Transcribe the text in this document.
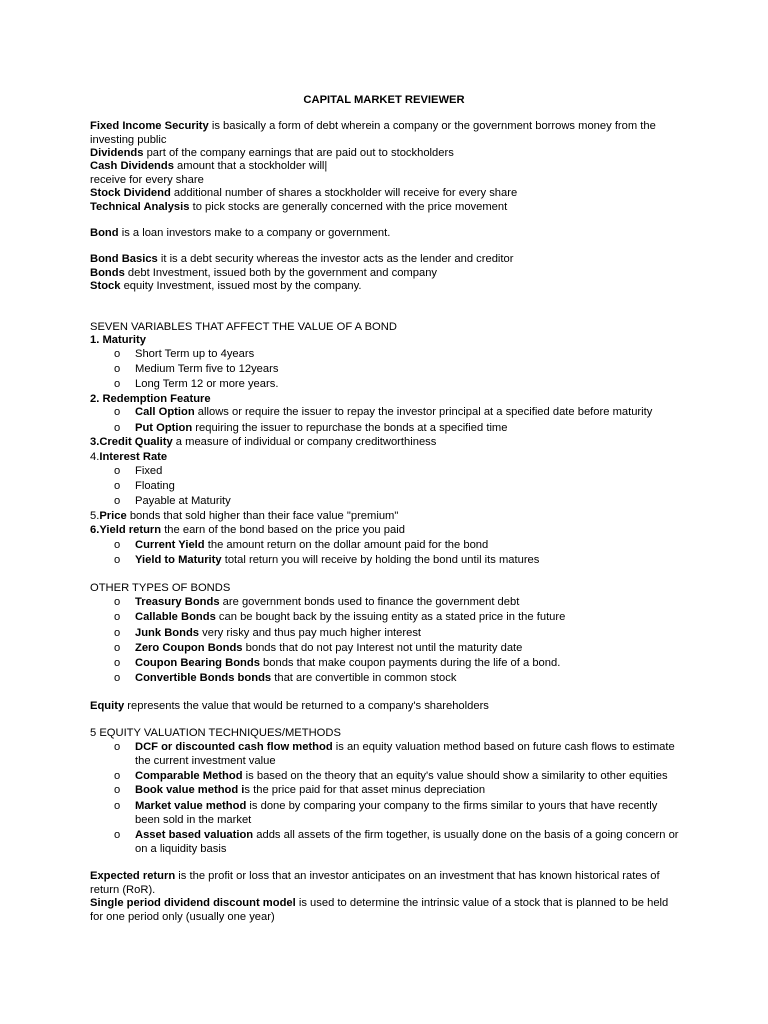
CAPITAL MARKET REVIEWER
Fixed Income Security is basically a form of debt wherein a company or the government borrows money from the investing public
Dividends part of the company earnings that are paid out to stockholders
Cash Dividends amount that a stockholder will|
receive for every share
Stock Dividend additional number of shares a stockholder will receive for every share
Technical Analysis to pick stocks are generally concerned with the price movement
Bond is a loan investors make to a company or government.
Bond Basics it is a debt security whereas the investor acts as the lender and creditor
Bonds debt Investment, issued both by the government and company
Stock equity Investment, issued most by the company.
SEVEN VARIABLES THAT AFFECT THE VALUE OF A BOND
1. Maturity
o Short Term up to 4years
o Medium Term five to 12years
o Long Term 12 or more years.
2. Redemption Feature
o Call Option allows or require the issuer to repay the investor principal at a specified date before maturity
o Put Option requiring the issuer to repurchase the bonds at a specified time
3.Credit Quality a measure of individual or company creditworthiness
4.Interest Rate
o Fixed
o Floating
o Payable at Maturity
5.Price bonds that sold higher than their face value "premium"
6.Yield return the earn of the bond based on the price you paid
o Current Yield the amount return on the dollar amount paid for the bond
o Yield to Maturity total return you will receive by holding the bond until its matures
OTHER TYPES OF BONDS
o Treasury Bonds are government bonds used to finance the government debt
o Callable Bonds can be bought back by the issuing entity as a stated price in the future
o Junk Bonds very risky and thus pay much higher interest
o Zero Coupon Bonds bonds that do not pay Interest not until the maturity date
o Coupon Bearing Bonds bonds that make coupon payments during the life of a bond.
o Convertible Bonds bonds that are convertible in common stock
Equity represents the value that would be returned to a company's shareholders
5 EQUITY VALUATION TECHNIQUES/METHODS
o DCF or discounted cash flow method is an equity valuation method based on future cash flows to estimate the current investment value
o Comparable Method is based on the theory that an equity's value should show a similarity to other equities
o Book value method is the price paid for that asset minus depreciation
o Market value method is done by comparing your company to the firms similar to yours that have recently been sold in the market
o Asset based valuation adds all assets of the firm together, is usually done on the basis of a going concern or on a liquidity basis
Expected return is the profit or loss that an investor anticipates on an investment that has known historical rates of return (RoR).
Single period dividend discount model is used to determine the intrinsic value of a stock that is planned to be held for one period only (usually one year)
